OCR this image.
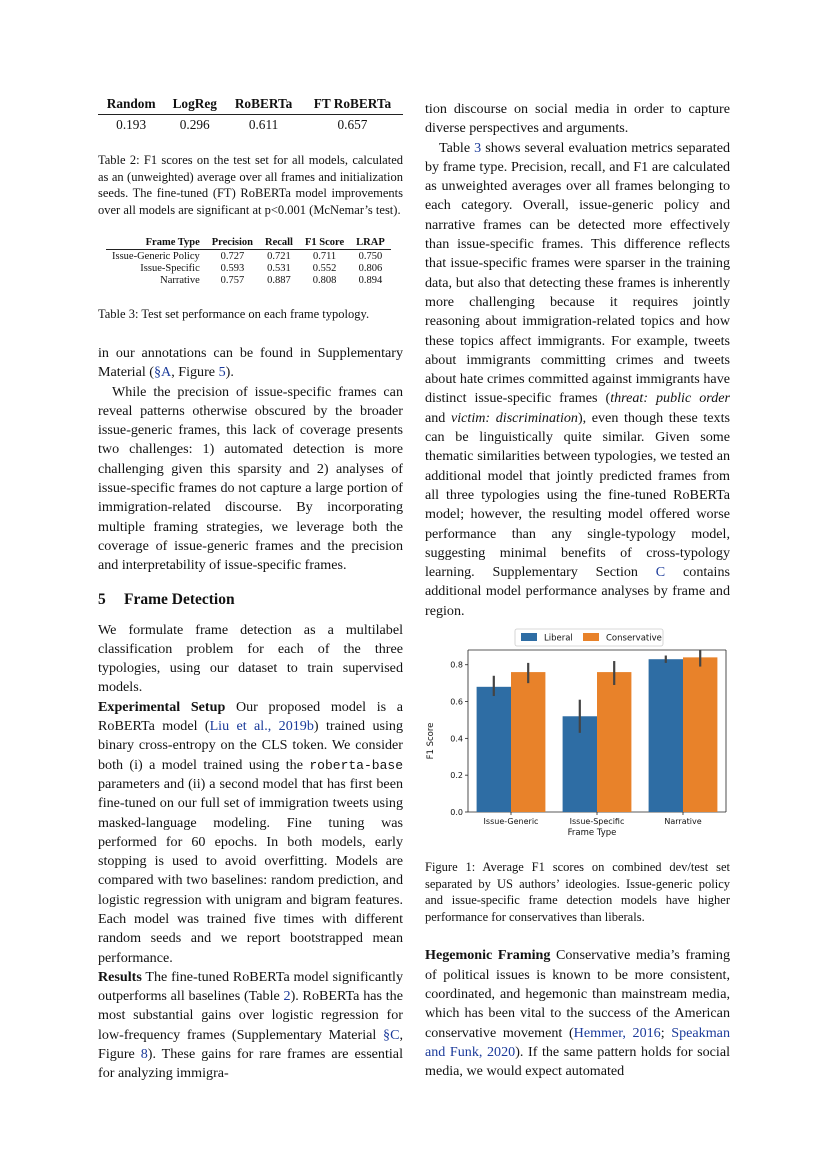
Random	LogReg	RoBERTa	FT RoBERTa
0.193	0.296	0.611	0.657

Table 2: F1 scores on the test set for all models, calculated as an (unweighted) average over all frames and initialization seeds. The fine-tuned (FT) RoBERTa model improvements over all models are significant at p<0.001 (McNemar’s test).

Frame Type	Precision	Recall	F1 Score	LRAP
Issue-Generic Policy	0.727	0.721	0.711	0.750
Issue-Specific	0.593	0.531	0.552	0.806
Narrative	0.757	0.887	0.808	0.894

Table 3: Test set performance on each frame typology.

in our annotations can be found in Supplementary Material (§A, Figure 5).

While the precision of issue-specific frames can reveal patterns otherwise obscured by the broader issue-generic frames, this lack of coverage presents two challenges: 1) automated detection is more challenging given this sparsity and 2) analyses of issue-specific frames do not capture a large portion of immigration-related discourse. By incorporating multiple framing strategies, we leverage both the coverage of issue-generic frames and the precision and interpretability of issue-specific frames.

5 Frame Detection

We formulate frame detection as a multilabel classification problem for each of the three typologies, using our dataset to train supervised models.

Experimental Setup Our proposed model is a RoBERTa model (Liu et al., 2019b) trained using binary cross-entropy on the CLS token. We consider both (i) a model trained using the roberta-base parameters and (ii) a second model that has first been fine-tuned on our full set of immigration tweets using masked-language modeling. Fine tuning was performed for 60 epochs. In both models, early stopping is used to avoid overfitting. Models are compared with two baselines: random prediction, and logistic regression with unigram and bigram features. Each model was trained five times with different random seeds and we report bootstrapped mean performance.

Results The fine-tuned RoBERTa model significantly outperforms all baselines (Table 2). RoBERTa has the most substantial gains over logistic regression for low-frequency frames (Supplementary Material §C, Figure 8). These gains for rare frames are essential for analyzing immigra-

tion discourse on social media in order to capture diverse perspectives and arguments.

Table 3 shows several evaluation metrics separated by frame type. Precision, recall, and F1 are calculated as unweighted averages over all frames belonging to each category. Overall, issue-generic policy and narrative frames can be detected more effectively than issue-specific frames. This difference reflects that issue-specific frames were sparser in the training data, but also that detecting these frames is inherently more challenging because it requires jointly reasoning about immigration-related topics and how these topics affect immigrants. For example, tweets about immigrants committing crimes and tweets about hate crimes committed against immigrants have distinct issue-specific frames (threat: public order and victim: discrimination), even though these texts can be linguistically quite similar. Given some thematic similarities between typologies, we tested an additional model that jointly predicted frames from all three typologies using the fine-tuned RoBERTa model; however, the resulting model offered worse performance than any single-typology model, suggesting minimal benefits of cross-typology learning. Supplementary Section C contains additional model performance analyses by frame and region.

Liberal	Conservative
0.0
0.2
0.4
0.6
0.8
Issue-Generic	Issue-Specific	Narrative
F1 Score
Frame Type

Figure 1: Average F1 scores on combined dev/test set separated by US authors’ ideologies. Issue-generic policy and issue-specific frame detection models have higher performance for conservatives than liberals.

Hegemonic Framing Conservative media’s framing of political issues is known to be more consistent, coordinated, and hegemonic than mainstream media, which has been vital to the success of the American conservative movement (Hemmer, 2016; Speakman and Funk, 2020). If the same pattern holds for social media, we would expect automated
